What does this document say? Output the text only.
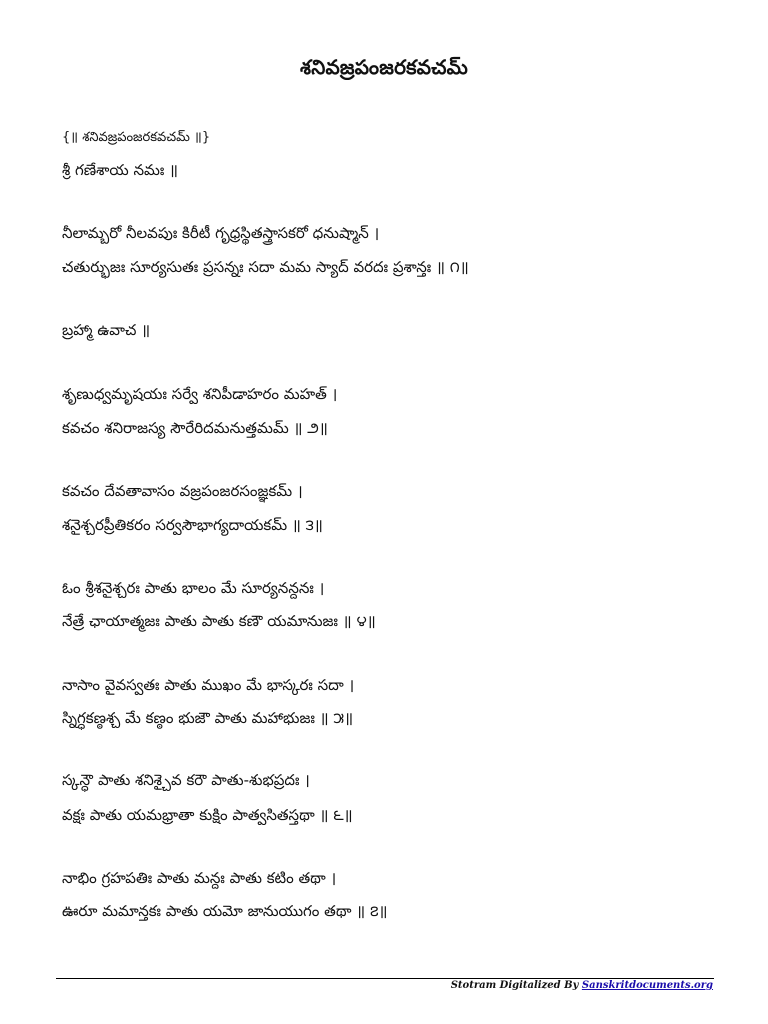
శనివజ్రపంజరకవచమ్
{॥ శనివజ్రపంజరకవచమ్ ॥}
శ్రీ గణేశాయ నమః ॥
నీలామ్బరో నీలవపుః కిరీటీ గృధ్రస్థితస్త్రాసకరో ధనుష్మాన్ ।
చతుర్భుజః సూర్యసుతః ప్రసన్నః సదా మమ స్యాద్ వరదః ప్రశాన్తః ॥ ౧॥
బ్రహ్మా ఉవాచ ॥
శృణుధ్వమృషయః సర్వే శనిపీడాహరం మహత్ ।
కవచం శనిరాజస్య సౌరేరిదమనుత్తమమ్ ॥ ౨॥
కవచం దేవతావాసం వజ్రపంజరసంజ్ఞకమ్ ।
శనైశ్చరప్రీతికరం సర్వసౌభాగ్యదాయకమ్ ॥ ౩॥
ఓం శ్రీశనైశ్చరః పాతు భాలం మే సూర్యనన్దనః ।
నేత్రే ఛాయాత్మజః పాతు పాతు కణౌ యమానుజః ॥ ౪॥
నాసాం వైవస్వతః పాతు ముఖం మే భాస్కరః సదా ।
స్నిగ్ధకణ్ఠశ్చ మే కణ్ఠం భుజౌ పాతు మహాభుజః ॥ ౫॥
స్కన్ధౌ పాతు శనిశ్చైవ కరౌ పాతు-శుభప్రదః ।
వక్షః పాతు యమభ్రాతా కుక్షిం పాత్వసితస్తథా ॥ ౬॥
నాభిం గ్రహపతిః పాతు మన్దః పాతు కటిం తథా ।
ఊరూ మమాన్తకః పాతు యమో జానుయుగం తథా ॥ ౭॥
Stotram Digitalized By Sanskritdocuments.org
